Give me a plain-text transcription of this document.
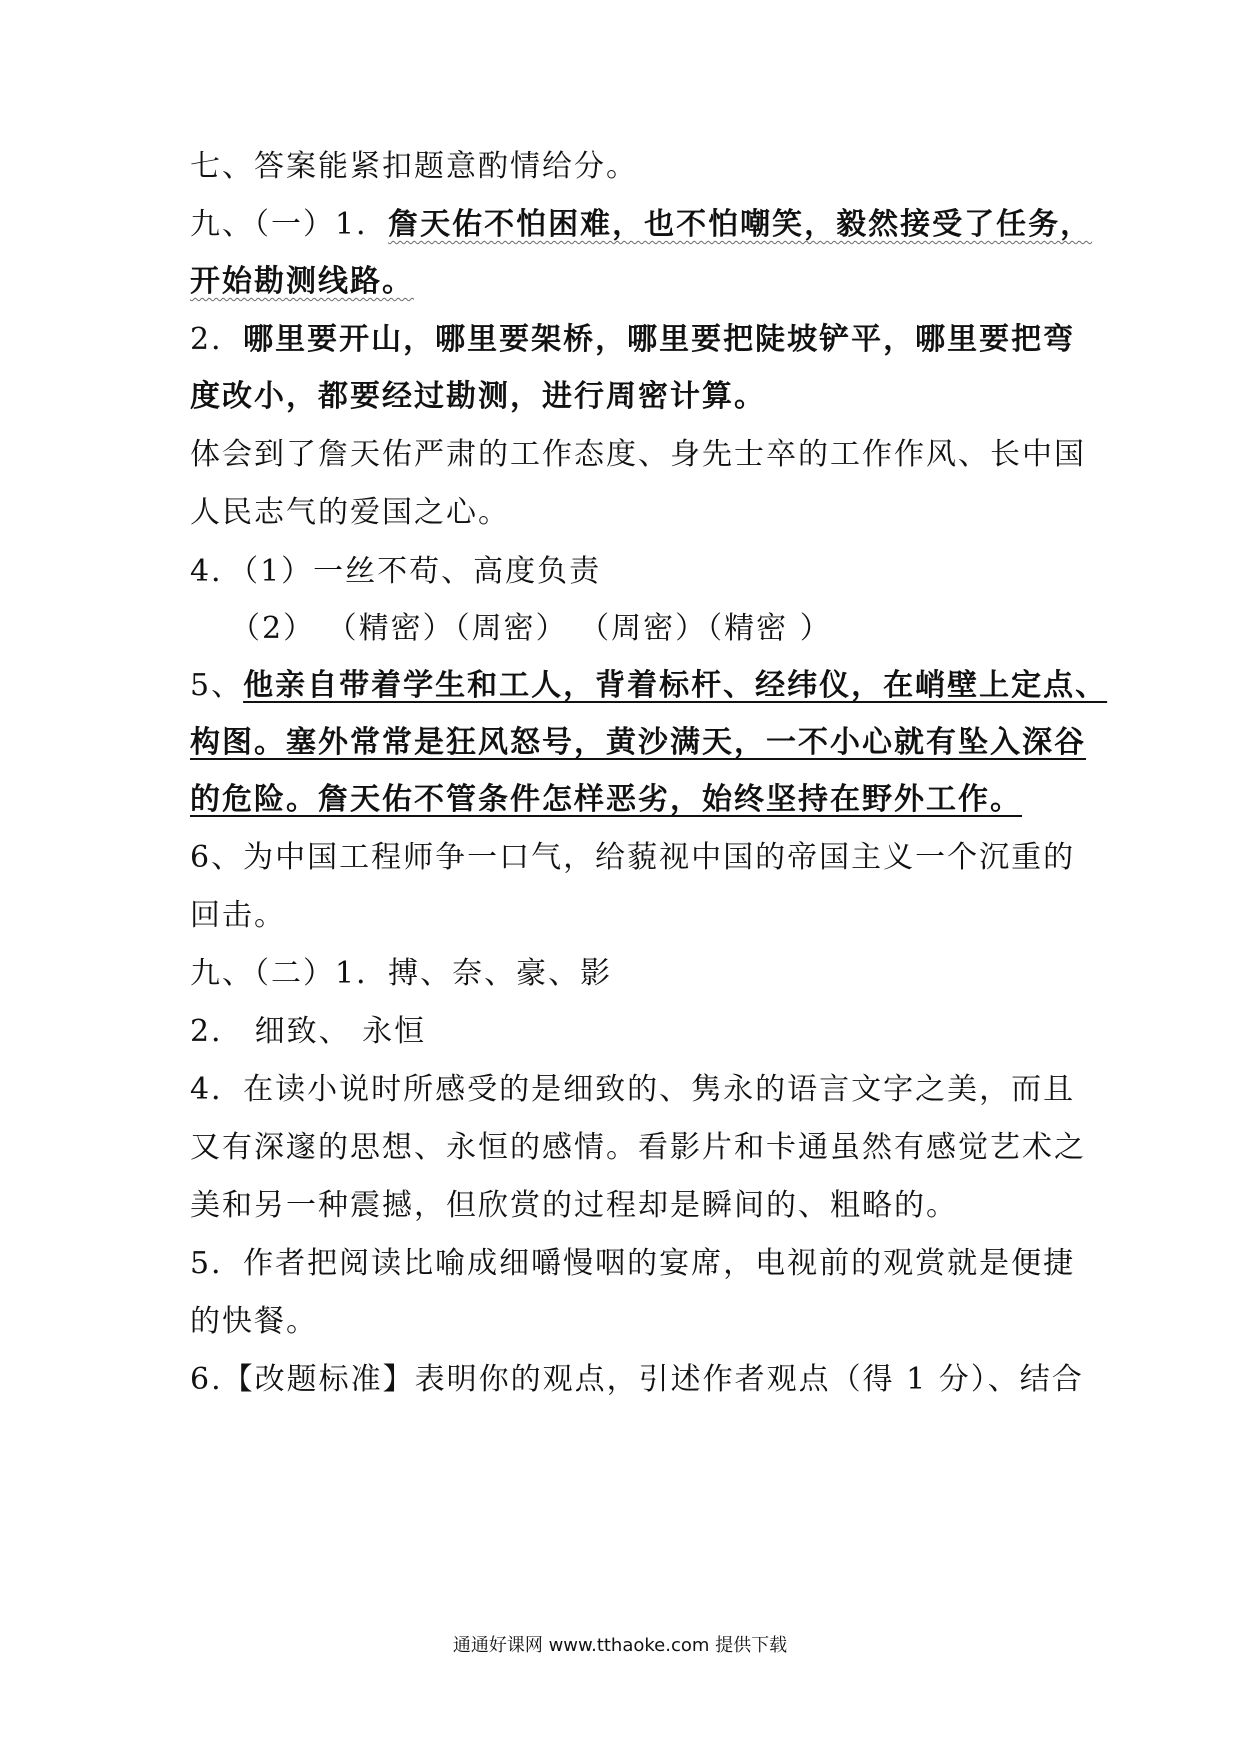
七、答案能紧扣题意酌情给分。
九、（一）1．詹天佑不怕困难，也不怕嘲笑，毅然接受了任务，
开始勘测线路。
2．哪里要开山，哪里要架桥，哪里要把陡坡铲平，哪里要把弯
度改小，都要经过勘测，进行周密计算。
体会到了詹天佑严肃的工作态度、身先士卒的工作作风、长中国
人民志气的爱国之心。
4．（1）一丝不苟、高度负责
（2） （精密）（周密） （周密）（精密 ）
5、他亲自带着学生和工人，背着标杆、经纬仪，在峭壁上定点、
构图。塞外常常是狂风怒号，黄沙满天，一不小心就有坠入深谷
的危险。詹天佑不管条件怎样恶劣，始终坚持在野外工作。
6、为中国工程师争一口气，给藐视中国的帝国主义一个沉重的
回击。
九、（二）1．搏、奈、豪、影
2． 细致、 永恒
4．在读小说时所感受的是细致的、隽永的语言文字之美，而且
又有深邃的思想、永恒的感情。看影片和卡通虽然有感觉艺术之
美和另一种震撼，但欣赏的过程却是瞬间的、粗略的。
5．作者把阅读比喻成细嚼慢咽的宴席，电视前的观赏就是便捷
的快餐。
6.【改题标准】表明你的观点，引述作者观点（得 1 分）、结合
通通好课网 www.tthaoke.com 提供下载
